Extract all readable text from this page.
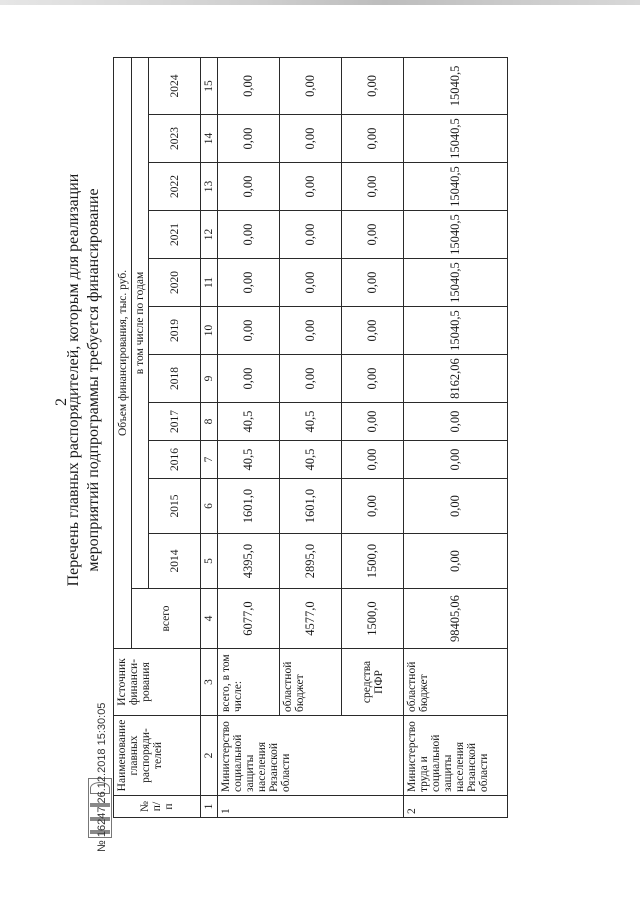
2
Перечень главных распорядителей, которым для реализации мероприятий подпрограммы требуется финансирование
№ п/п	Наименование главных распоряди-телей	Источник финанси-рования	Объем финансирования, тыс. руб.											
			всего	в том числе по годам										
				2014	2015	2016	2017	2018	2019	2020	2021	2022	2023	2024
1	2	3	4	5	6	7	8	9	10	11	12	13	14	15
1	Министерство социальной защиты населения Рязанской области	всего, в том числе:	6077,0	4395,0	1601,0	40,5	40,5	0,00	0,00	0,00	0,00	0,00	0,00	0,00
		областной бюджет	4577,0	2895,0	1601,0	40,5	40,5	0,00	0,00	0,00	0,00	0,00	0,00	0,00
		средства ПФР	1500,0	1500,0	0,00	0,00	0,00	0,00	0,00	0,00	0,00	0,00	0,00	0,00
2	Министерство труда и социальной защиты населения Рязанской области	областной бюджет	98405,06	0,00	0,00	0,00	0,00	8162,06	15040,5	15040,5	15040,5	15040,5	15040,5	15040,5
№ 16247 26.12.2018 15:30:05
